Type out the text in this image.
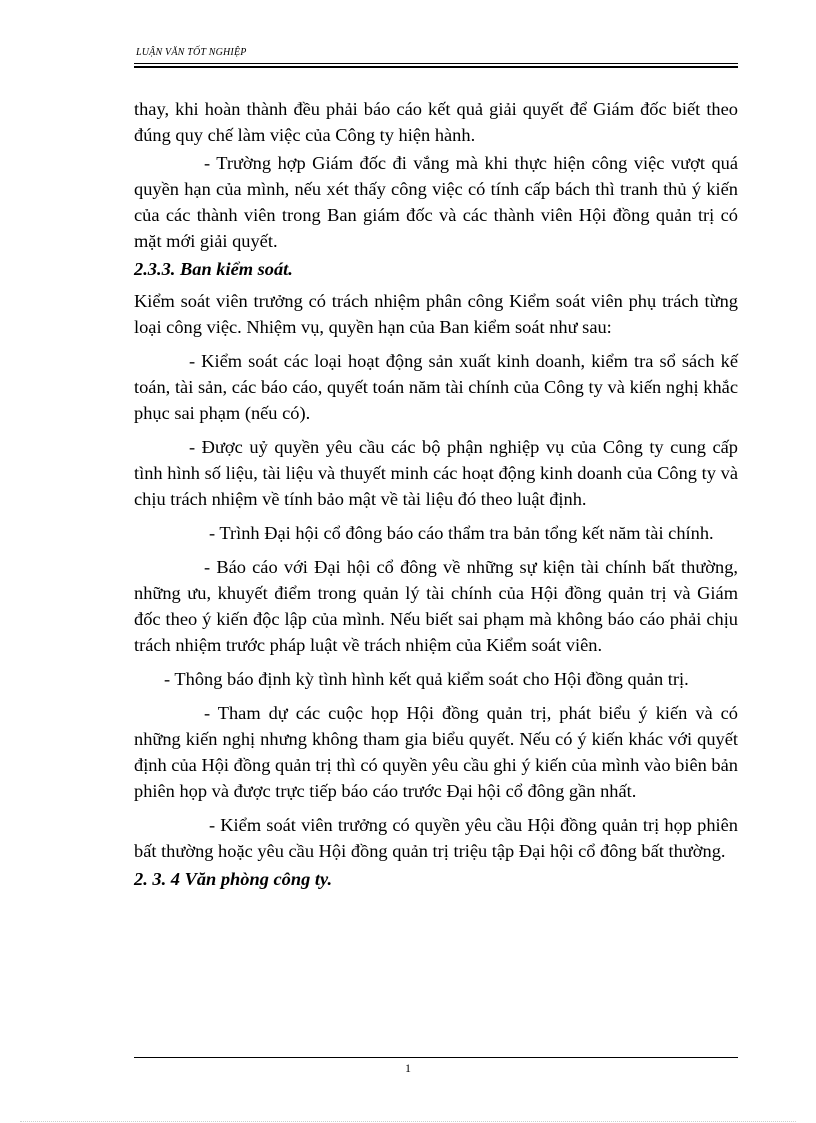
LUẬN VĂN TỐT NGHIỆP

thay, khi hoàn thành đều phải báo cáo kết quả giải quyết để Giám đốc biết theo đúng quy chế làm việc của Công ty hiện hành.

- Trường hợp Giám đốc đi vắng mà khi thực hiện công việc vượt quá quyền hạn của mình, nếu xét thấy công việc có tính cấp bách thì tranh thủ ý kiến của các thành viên trong Ban giám đốc và các thành viên Hội đồng quản trị có mặt mới giải quyết.

2.3.3. Ban kiểm soát.

Kiểm soát viên trưởng có trách nhiệm phân công Kiểm soát viên phụ trách từng loại công việc. Nhiệm vụ, quyền hạn của Ban kiểm soát như sau:

- Kiểm soát các loại hoạt động sản xuất kinh doanh, kiểm tra sổ sách kế toán, tài sản, các báo cáo, quyết toán năm tài chính của Công ty và kiến nghị khắc phục sai phạm (nếu có).

- Được uỷ quyền yêu cầu các bộ phận nghiệp vụ của Công ty cung cấp tình hình số liệu, tài liệu và thuyết minh các hoạt động kinh doanh của Công ty và chịu trách nhiệm về tính bảo mật về tài liệu đó theo luật định.

- Trình Đại hội cổ đông báo cáo thẩm tra bản tổng kết năm tài chính.

- Báo cáo với Đại hội cổ đông về những sự kiện tài chính bất thường, những ưu, khuyết điểm trong quản lý tài chính của Hội đồng quản trị và Giám đốc theo ý kiến độc lập của mình. Nếu biết sai phạm mà không báo cáo phải chịu trách nhiệm trước pháp luật về trách nhiệm của Kiểm soát viên.

- Thông báo định kỳ tình hình kết quả kiểm soát cho Hội đồng quản trị.

- Tham dự các cuộc họp Hội đồng quản trị, phát biểu ý kiến và có những kiến nghị nhưng không tham gia biểu quyết. Nếu có ý kiến khác với quyết định của Hội đồng quản trị thì có quyền yêu cầu ghi ý kiến của mình vào biên bản phiên họp và được trực tiếp báo cáo trước Đại hội cổ đông gần nhất.

- Kiểm soát viên trưởng có quyền yêu cầu Hội đồng quản trị họp phiên bất thường hoặc yêu cầu Hội đồng quản trị triệu tập Đại hội cổ đông bất thường.

2. 3. 4 Văn phòng công ty.

1
